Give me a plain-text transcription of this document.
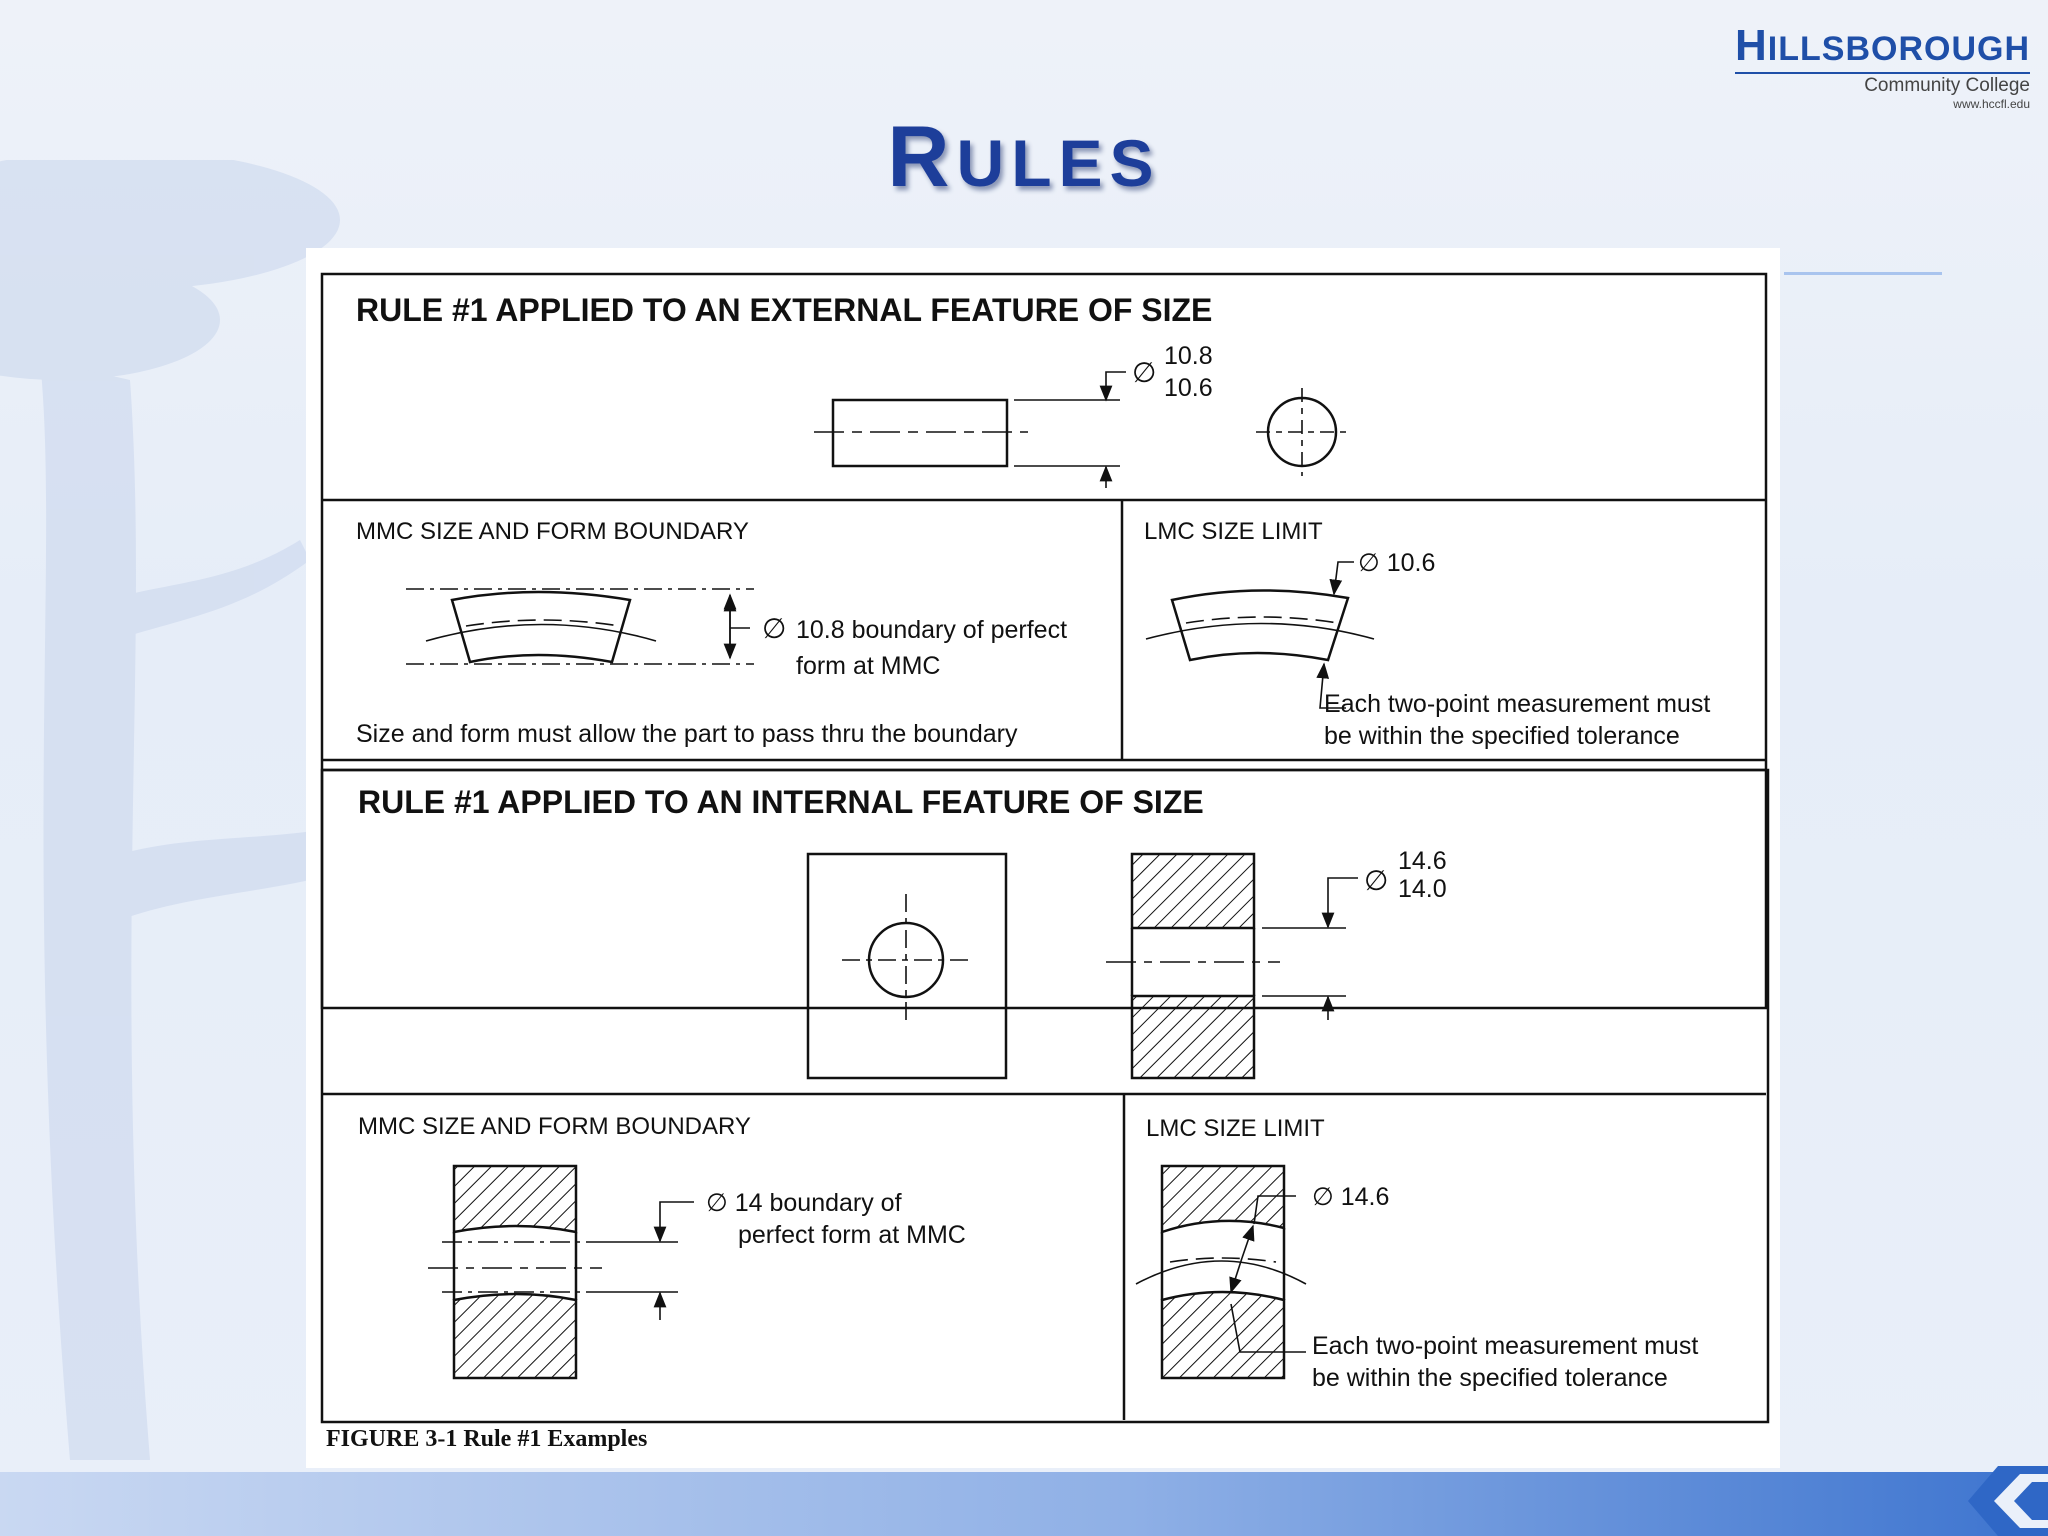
HILLSBOROUGH
Community College
www.hccfl.edu
RULES
RULE #1 APPLIED TO AN EXTERNAL FEATURE OF SIZE
∅
10.8
10.6
MMC SIZE AND FORM BOUNDARY
∅ 10.8 boundary of perfect
form at MMC
Size and form must allow the part to pass thru the boundary
LMC SIZE LIMIT
∅ 10.6
Each two-point measurement must
be within the specified tolerance
RULE #1 APPLIED TO AN INTERNAL FEATURE OF SIZE
∅
14.6
14.0
MMC SIZE AND FORM BOUNDARY
∅ 14 boundary of
perfect form at MMC
LMC SIZE LIMIT
∅ 14.6
Each two-point measurement must
be within the specified tolerance
FIGURE 3-1 Rule #1 Examples
